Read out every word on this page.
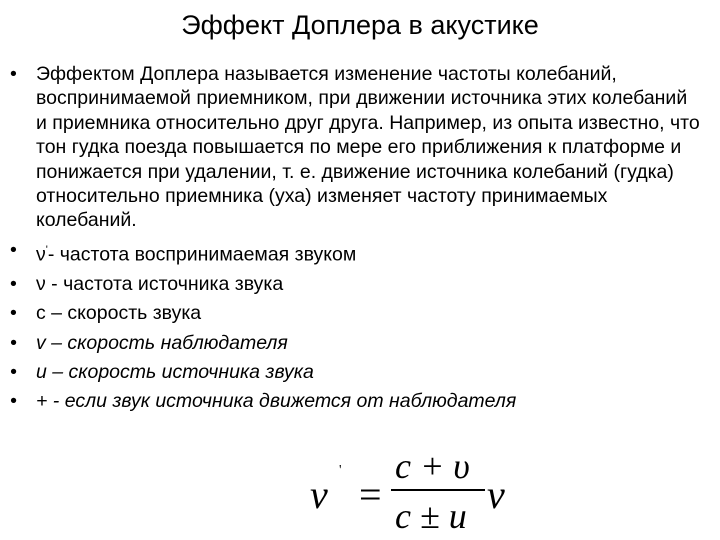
Эффект Доплера в акустике
• Эффектом Доплера называется изменение частоты колебаний, воспринимаемой приемником, при движении источника этих колебаний и приемника относительно друг друга. Например, из опыта известно, что тон гудка поезда повышается по мере его приближения к платформе и понижается при удалении, т. е. движение источника колебаний (гудка) относительно приемника (уха) изменяет частоту принимаемых колебаний.
• ν'- частота воспринимаемая звуком
• ν - частота источника звука
• c – скорость звука
• v – скорость наблюдателя
• u – скорость источника звука
• + - если звук источника движется от наблюдателя
ν
'
=
c + υ
c ± u ν
